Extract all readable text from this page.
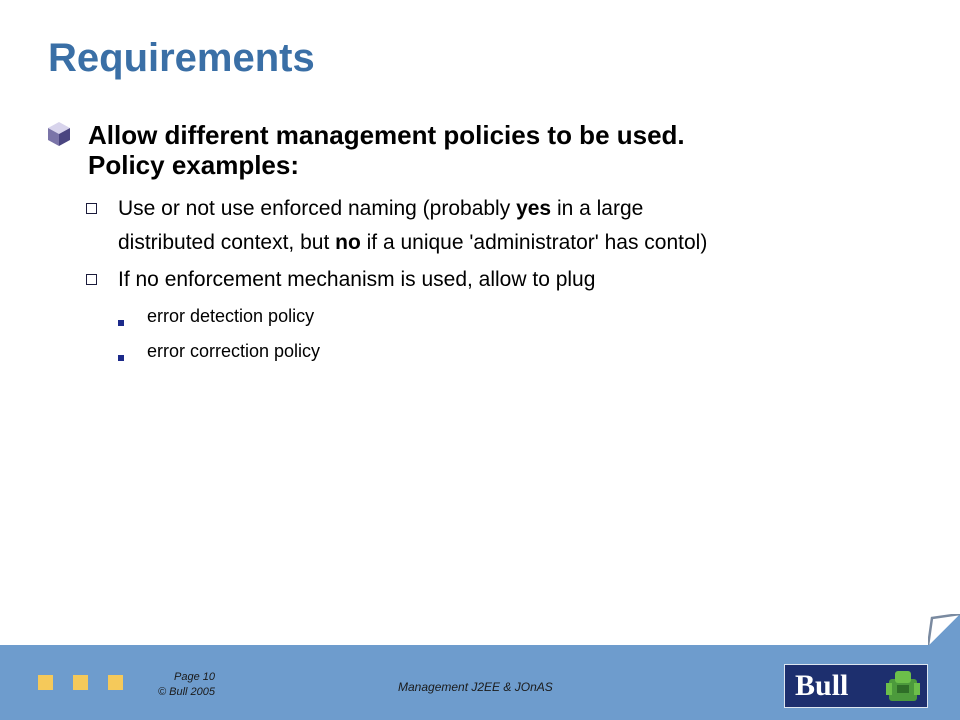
Requirements
Allow different management policies to be used.
Policy examples:
Use or not use enforced naming (probably yes in a large
distributed context, but no if a unique 'administrator' has contol)
If no enforcement mechanism is used, allow to plug
error detection policy
error correction policy
Page 10
© Bull 2005	Management J2EE & JOnAS	Bull
